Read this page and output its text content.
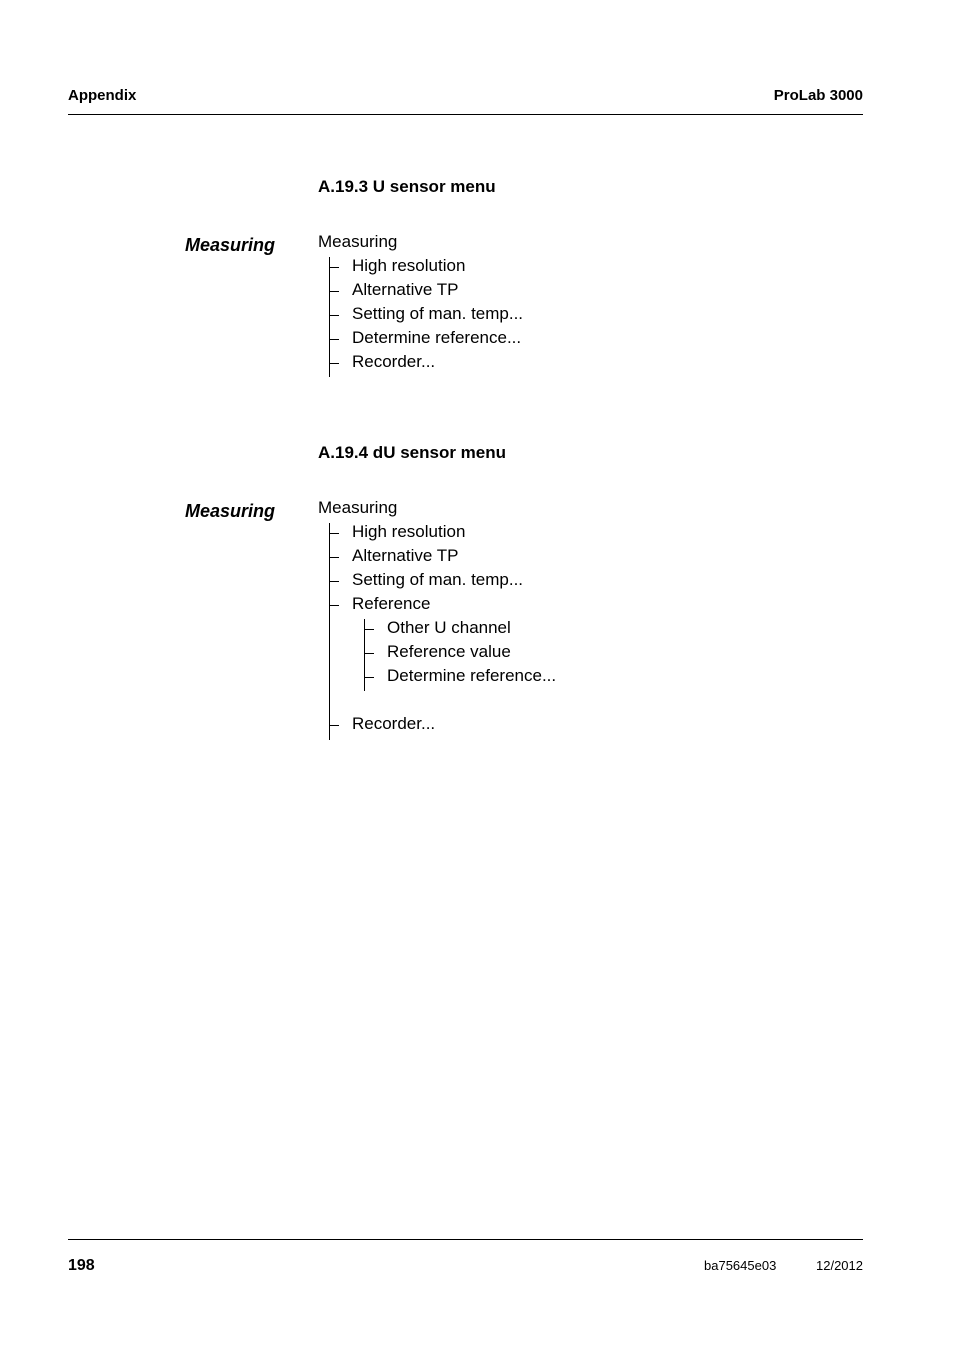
Appendix	ProLab 3000
A.19.3 U sensor menu
Measuring	Measuring
High resolution
Alternative TP
Setting of man. temp...
Determine reference...
Recorder...
A.19.4 dU sensor menu
Measuring	Measuring
High resolution
Alternative TP
Setting of man. temp...
Reference
Other U channel
Reference value
Determine reference...
Recorder...
198	ba75645e03	12/2012
